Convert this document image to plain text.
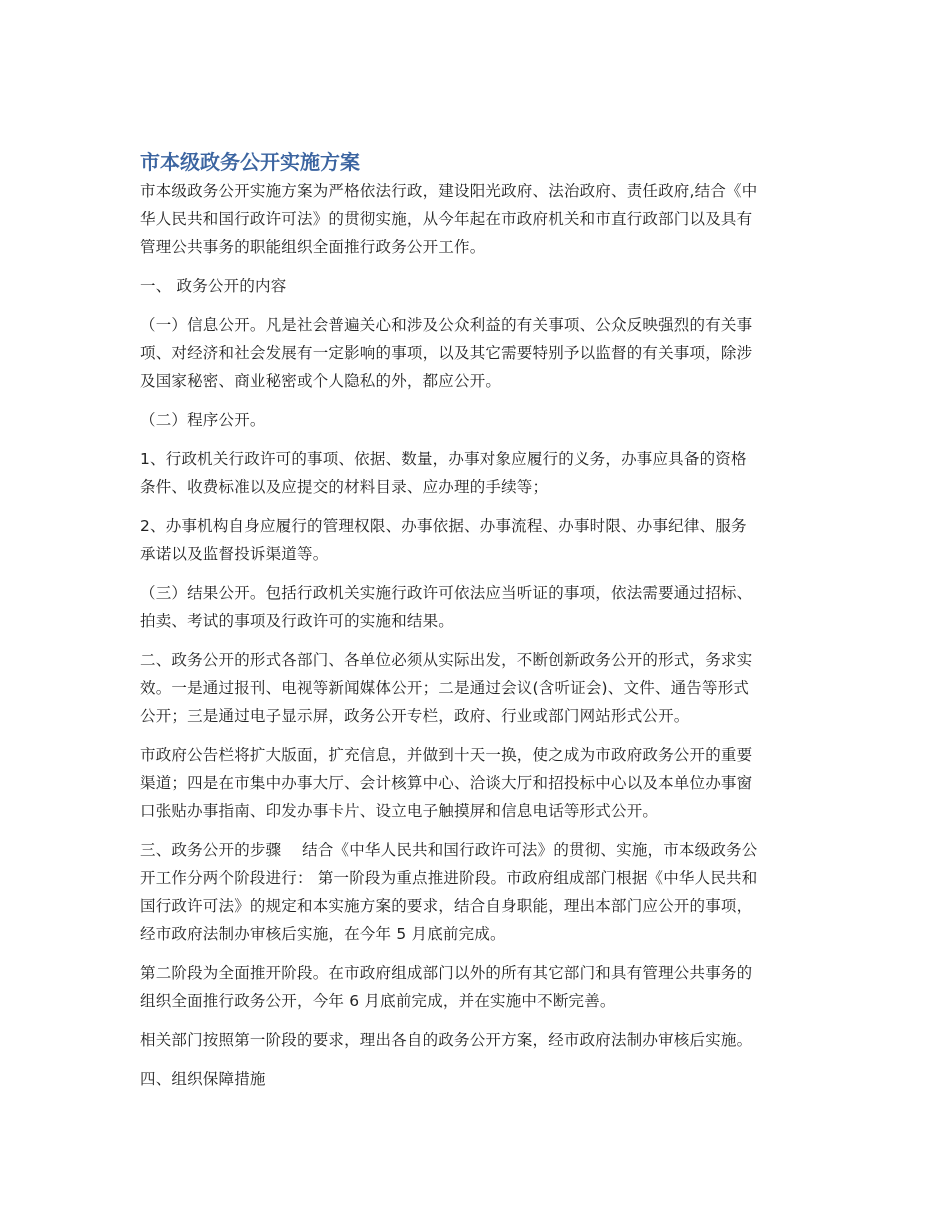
市本级政务公开实施方案

市本级政务公开实施方案为严格依法行政，建设阳光政府、法治政府、责任政府,结合《中
华人民共和国行政许可法》的贯彻实施，从今年起在市政府机关和市直行政部门以及具有
管理公共事务的职能组织全面推行政务公开工作。

一、 政务公开的内容

（一）信息公开。凡是社会普遍关心和涉及公众利益的有关事项、公众反映强烈的有关事
项、对经济和社会发展有一定影响的事项，以及其它需要特别予以监督的有关事项，除涉
及国家秘密、商业秘密或个人隐私的外，都应公开。

（二）程序公开。

1、行政机关行政许可的事项、依据、数量，办事对象应履行的义务，办事应具备的资格
条件、收费标准以及应提交的材料目录、应办理的手续等；

2、办事机构自身应履行的管理权限、办事依据、办事流程、办事时限、办事纪律、服务
承诺以及监督投诉渠道等。

（三）结果公开。包括行政机关实施行政许可依法应当听证的事项，依法需要通过招标、
拍卖、考试的事项及行政许可的实施和结果。

二、政务公开的形式各部门、各单位必须从实际出发，不断创新政务公开的形式，务求实
效。一是通过报刊、电视等新闻媒体公开；二是通过会议(含听证会)、文件、通告等形式
公开；三是通过电子显示屏，政务公开专栏，政府、行业或部门网站形式公开。

市政府公告栏将扩大版面，扩充信息，并做到十天一换，使之成为市政府政务公开的重要
渠道；四是在市集中办事大厅、会计核算中心、洽谈大厅和招投标中心以及本单位办事窗
口张贴办事指南、印发办事卡片、设立电子触摸屏和信息电话等形式公开。

三、政务公开的步骤　 结合《中华人民共和国行政许可法》的贯彻、实施，市本级政务公
开工作分两个阶段进行： 第一阶段为重点推进阶段。市政府组成部门根据《中华人民共和
国行政许可法》的规定和本实施方案的要求，结合自身职能，理出本部门应公开的事项，
经市政府法制办审核后实施，在今年 5 月底前完成。

第二阶段为全面推开阶段。在市政府组成部门以外的所有其它部门和具有管理公共事务的
组织全面推行政务公开，今年 6 月底前完成，并在实施中不断完善。

相关部门按照第一阶段的要求，理出各自的政务公开方案，经市政府法制办审核后实施。

四、组织保障措施
